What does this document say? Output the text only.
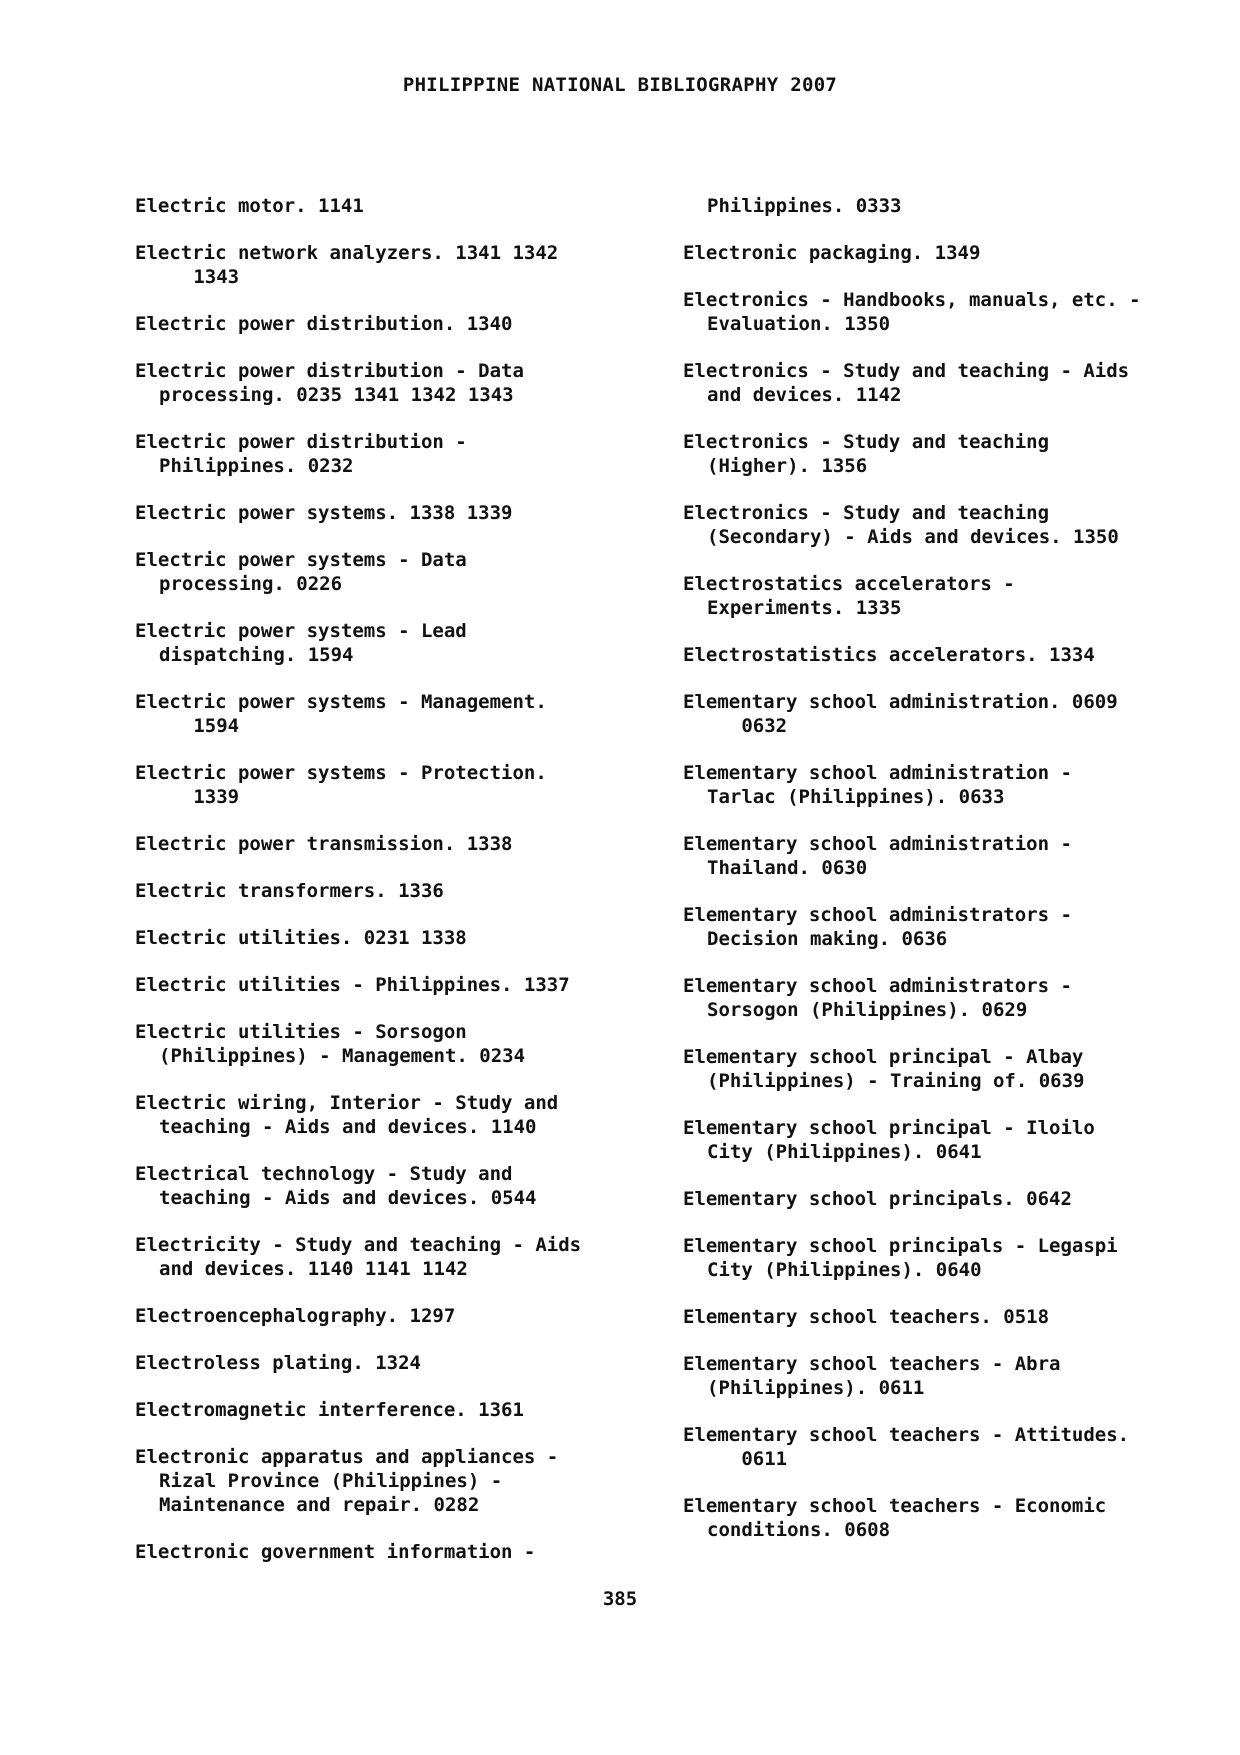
PHILIPPINE NATIONAL BIBLIOGRAPHY 2007
Electric motor. 1141
Electric network analyzers. 1341 1342
1343
Electric power distribution. 1340
Electric power distribution - Data
processing. 0235 1341 1342 1343
Electric power distribution -
Philippines. 0232
Electric power systems. 1338 1339
Electric power systems - Data
processing. 0226
Electric power systems - Lead
dispatching. 1594
Electric power systems - Management.
1594
Electric power systems - Protection.
1339
Electric power transmission. 1338
Electric transformers. 1336
Electric utilities. 0231 1338
Electric utilities - Philippines. 1337
Electric utilities - Sorsogon
(Philippines) - Management. 0234
Electric wiring, Interior - Study and
teaching - Aids and devices. 1140
Electrical technology - Study and
teaching - Aids and devices. 0544
Electricity - Study and teaching - Aids
and devices. 1140 1141 1142
Electroencephalography. 1297
Electroless plating. 1324
Electromagnetic interference. 1361
Electronic apparatus and appliances -
Rizal Province (Philippines) -
Maintenance and repair. 0282
Electronic government information -
Philippines. 0333
Electronic packaging. 1349
Electronics - Handbooks, manuals, etc. -
Evaluation. 1350
Electronics - Study and teaching - Aids
and devices. 1142
Electronics - Study and teaching
(Higher). 1356
Electronics - Study and teaching
(Secondary) - Aids and devices. 1350
Electrostatics accelerators -
Experiments. 1335
Electrostatistics accelerators. 1334
Elementary school administration. 0609
0632
Elementary school administration -
Tarlac (Philippines). 0633
Elementary school administration -
Thailand. 0630
Elementary school administrators -
Decision making. 0636
Elementary school administrators -
Sorsogon (Philippines). 0629
Elementary school principal - Albay
(Philippines) - Training of. 0639
Elementary school principal - Iloilo
City (Philippines). 0641
Elementary school principals. 0642
Elementary school principals - Legaspi
City (Philippines). 0640
Elementary school teachers. 0518
Elementary school teachers - Abra
(Philippines). 0611
Elementary school teachers - Attitudes.
0611
Elementary school teachers - Economic
conditions. 0608
385
